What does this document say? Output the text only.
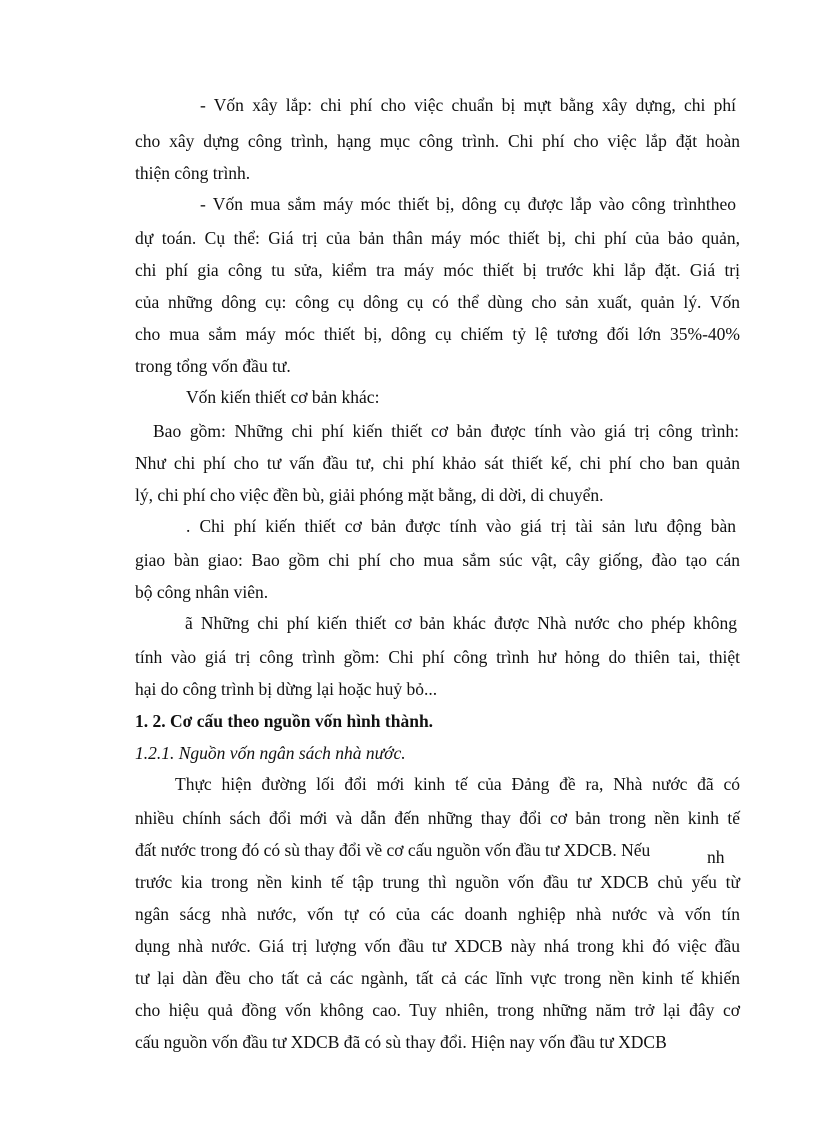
- Vốn xây lắp: chi phí cho việc chuẩn bị mựt bằng xây dựng, chi phí
cho xây dựng công trình, hạng mục công trình. Chi phí cho việc lắp đặt hoàn
thiện công trình.
- Vốn mua sắm máy móc thiết bị, dông cụ được lắp vào công trìnhtheo
dự toán. Cụ thể: Giá trị của bản thân máy móc thiết bị, chi phí của bảo quản,
chi phí gia công tu sửa, kiểm tra máy móc thiết bị trước khi lắp đặt. Giá trị
của những dông cụ: công cụ dông cụ có thể dùng cho sản xuất, quản lý. Vốn
cho mua sắm máy móc thiết bị, dông cụ chiếm tỷ lệ tương đối lớn 35%-40%
trong tổng vốn đầu tư.
Vốn kiến thiết cơ bản khác:
Bao gồm: Những chi phí kiến thiết cơ bản được tính vào giá trị công trình:
Như chi phí cho tư vấn đầu tư, chi phí khảo sát thiết kế, chi phí cho ban quản
lý, chi phí cho việc đền bù, giải phóng mặt bằng, di dời, di chuyển.
. Chi phí kiến thiết cơ bản được tính vào giá trị tài sản lưu động bàn
giao bàn giao: Bao gồm chi phí cho mua sắm súc vật, cây giống, đào tạo cán
bộ công nhân viên.
ã Những chi phí kiến thiết cơ bản khác được Nhà nước cho phép không
tính vào giá trị công trình gồm: Chi phí công trình hư hỏng do thiên tai, thiệt
hại do công trình bị dừng lại hoặc huỷ bỏ...
1. 2. Cơ cấu theo nguồn vốn hình thành.
1.2.1. Nguồn vốn ngân sách nhà nước.
Thực hiện đường lối đổi mới kinh tế của Đảng đề ra, Nhà nước đã có
nhiều chính sách đổi mới và dẫn đến những thay đổi cơ bản trong nền kinh tế
đất nước trong đó có sù thay đổi về cơ cấu nguồn vốn đầu tư XDCB. Nếu	nh
trước kia trong nền kinh tế tập trung thì nguồn vốn đầu tư XDCB chủ yếu từ
ngân sácg nhà nước, vốn tự có của các doanh nghiệp nhà nước và vốn tín
dụng nhà nước. Giá trị lượng vốn đầu tư XDCB này nhá trong khi đó việc đầu
tư lại dàn đều cho tất cả các ngành, tất cả các lĩnh vực trong nền kinh tế khiến
cho hiệu quả đồng vốn không cao. Tuy nhiên, trong những năm trở lại đây cơ
cấu nguồn vốn đầu tư XDCB đã có sù thay đổi. Hiện nay vốn đầu tư XDCB
